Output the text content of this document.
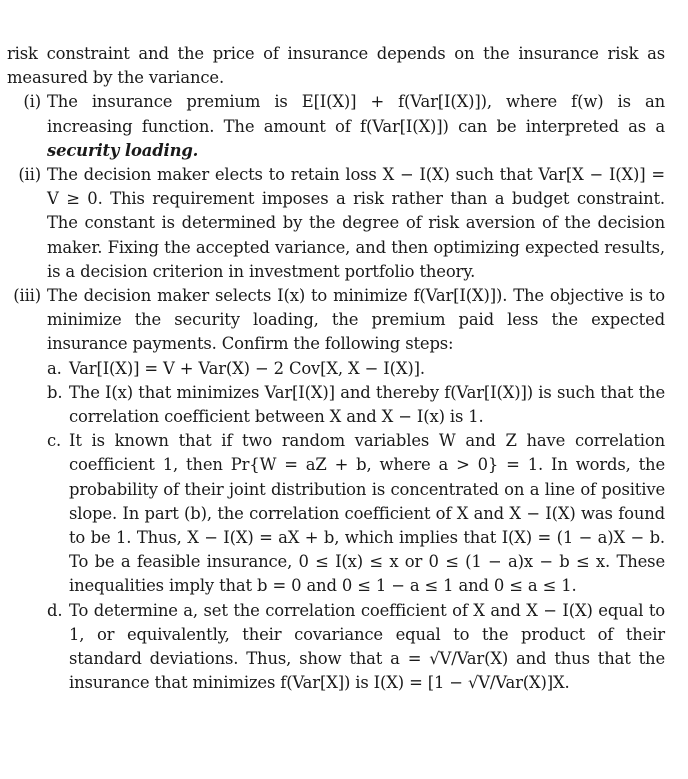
risk constraint and the price of insurance depends on the insurance risk as measured by the variance.

(i) The insurance premium is E[I(X)] + f(Var[I(X)]), where f(w) is an increasing function. The amount of f(Var[I(X)]) can be interpreted as a security loading.
(ii) The decision maker elects to retain loss X − I(X) such that Var[X − I(X)] = V ≥ 0. This requirement imposes a risk rather than a budget constraint. The constant is determined by the degree of risk aversion of the decision maker. Fixing the accepted variance, and then optimizing expected results, is a decision criterion in investment portfolio theory.
(iii) The decision maker selects I(x) to minimize f(Var[I(X)]). The objective is to minimize the security loading, the premium paid less the expected insurance payments. Confirm the following steps:
a. Var[I(X)] = V + Var(X) − 2 Cov[X, X − I(X)].
b. The I(x) that minimizes Var[I(X)] and thereby f(Var[I(X)]) is such that the correlation coefficient between X and X − I(x) is 1.
c. It is known that if two random variables W and Z have correlation coefficient 1, then Pr{W = aZ + b, where a > 0} = 1. In words, the probability of their joint distribution is concentrated on a line of positive slope. In part (b), the correlation coefficient of X and X − I(X) was found to be 1. Thus, X − I(X) = aX + b, which implies that I(X) = (1 − a)X − b. To be a feasible insurance, 0 ≤ I(x) ≤ x or 0 ≤ (1 − a)x − b ≤ x. These inequalities imply that b = 0 and 0 ≤ 1 − a ≤ 1 and 0 ≤ a ≤ 1.
d. To determine a, set the correlation coefficient of X and X − I(X) equal to 1, or equivalently, their covariance equal to the product of their standard deviations. Thus, show that a = √V/Var(X) and thus that the insurance that minimizes f(Var[X]) is I(X) = [1 − √V/Var(X)]X.
